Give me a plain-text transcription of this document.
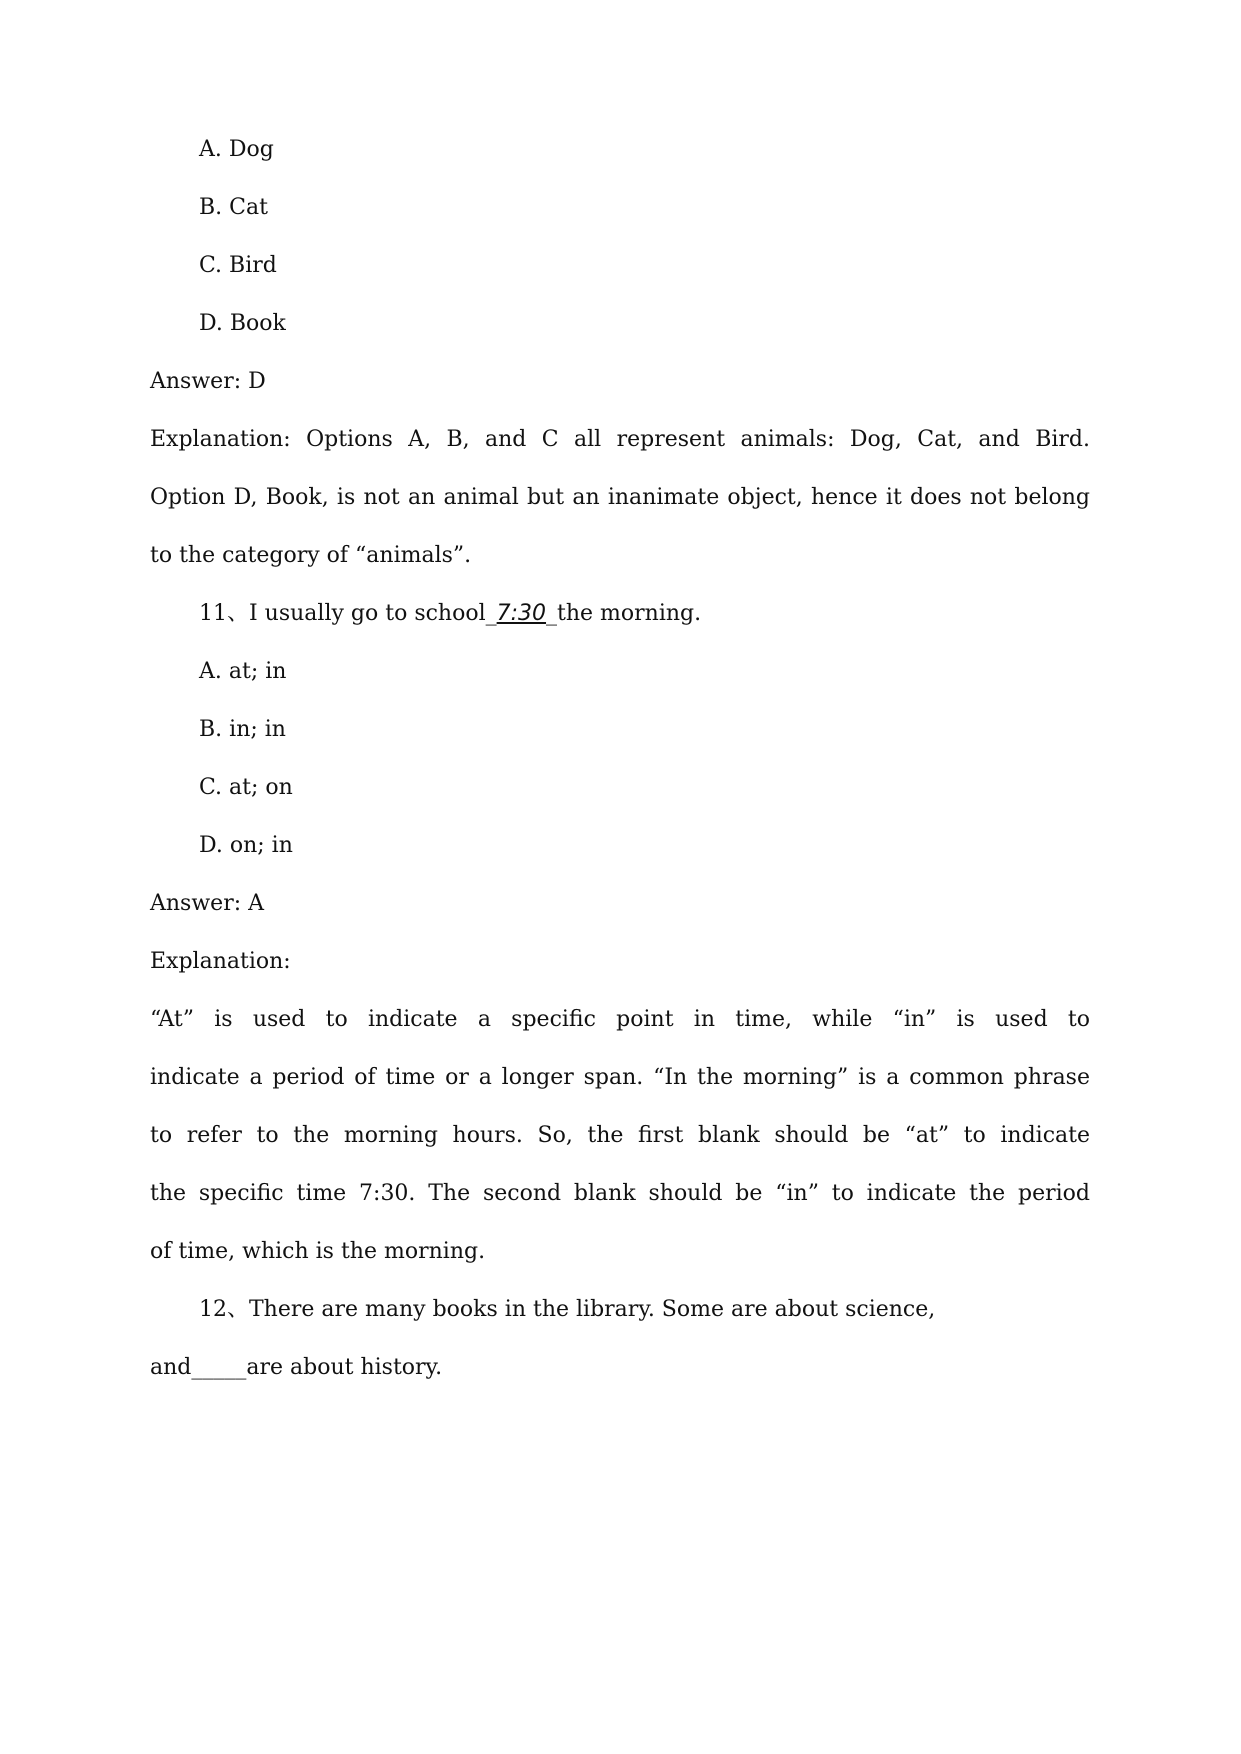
A. Dog
B. Cat
C. Bird
D. Book
Answer: D
Explanation: Options A, B, and C all represent animals: Dog, Cat, and Bird.
Option D, Book, is not an animal but an inanimate object, hence it does not belong
to the category of “animals”.
11、I usually go to school_7:30_the morning.
A. at; in
B. in; in
C. at; on
D. on; in
Answer: A
Explanation:
“At” is used to indicate a specific point in time, while “in” is used to
indicate a period of time or a longer span. “In the morning” is a common phrase
to refer to the morning hours. So, the first blank should be “at” to indicate
the specific time 7:30. The second blank should be “in” to indicate the period
of time, which is the morning.
12、There are many books in the library. Some are about science,
and_____are about history.
